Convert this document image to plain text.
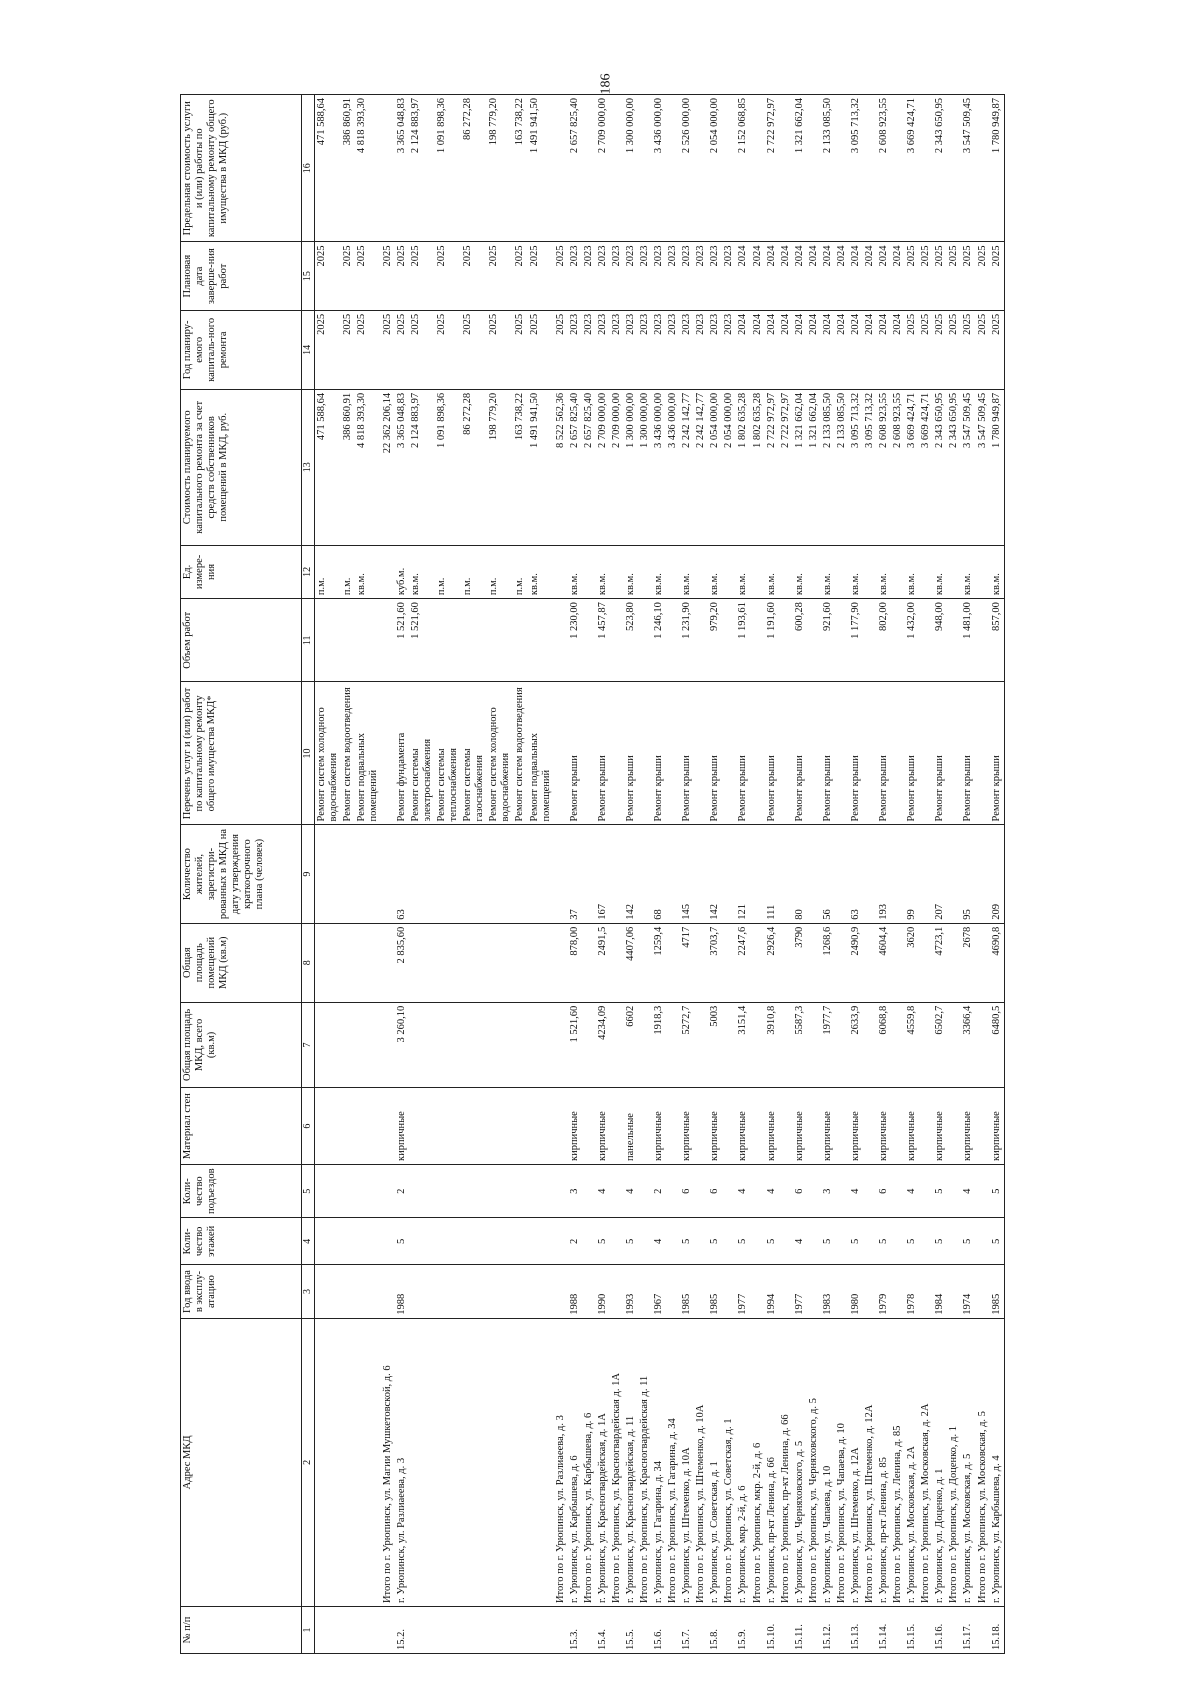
186
№ п/п	Адрес МКД	Год ввода в эксплу-атацию	Коли-чество этажей	Коли-чество подъездов	Материал стен	Общая площадь МКД, всего (кв.м)	Общая площадь помещений МКД (кв.м)	Количество жителей, зарегистри-рованных в МКД на дату утверждения краткосрочного плана (человек)	Перечень услуг и (или) работ по капитальному ремонту общего имущества МКД*	Объем работ	Ед. измере-ния	Стоимость планируемого капитального ремонта за счет средств собственников помещений в МКД, руб.	Год планиру-емого капиталь-ного ремонта	Плановая дата заверше-ния работ	Предельная стоимость услуги и (или) работы по капитальному ремонту общего имущества в МКД (руб.)
1	2	3	4	5	6	7	8	9	10	11	12	13	14	15	16
									Ремонт систем холодного водоснабжения		п.м.	471 588,64	2025	2025	471 588,64
									Ремонт систем водоотведения		п.м.	386 860,91	2025	2025	386 860,91
									Ремонт подвальных помещений		кв.м.	4 818 393,30	2025	2025	4 818 393,30
	Итого по г. Урюпинск, ул. Магии Мушкетовской, д. 6											22 362 206,14	2025	2025	
15.2.	г. Урюпинск, ул. Разлиаеева, д. 3	1988	5	2	кирпичные	3 260,10	2 835,60	63	Ремонт фундамента	1 521,60	куб.м.	3 365 048,83	2025	2025	3 365 048,83
									Ремонт системы электроснабжения	1 521,60	кв.м.	2 124 883,97	2025	2025	2 124 883,97
									Ремонт системы теплоснабжения		п.м.	1 091 898,36	2025	2025	1 091 898,36
									Ремонт системы газоснабжения		п.м.	86 272,28	2025	2025	86 272,28
									Ремонт систем холодного водоснабжения		п.м.	198 779,20	2025	2025	198 779,20
									Ремонт систем водоотведения		п.м.	163 738,22	2025	2025	163 738,22
									Ремонт подвальных помещений		кв.м.	1 491 941,50	2025	2025	1 491 941,50
	Итого по г. Урюпинск, ул. Разлиаеева, д. 3											8 522 562,36	2025	2025	
15.3.	г. Урюпинск, ул. Карбышева, д. 6	1988	2	3	кирпичные	1 521,60	878,00	37	Ремонт крыши	1 230,00	кв.м.	2 657 825,40	2023	2023	2 657 825,40
	Итого по г. Урюпинск, ул. Карбышева, д. 6											2 657 825,40	2023	2023	
15.4.	г. Урюпинск, ул. Красногвардейская, д. 1А	1990	5	4	кирпичные	4234,09	2491,5	167	Ремонт крыши	1 457,87	кв.м.	2 709 000,00	2023	2023	2 709 000,00
	Итого по г. Урюпинск, ул. Красногвардейская д. 1А											2 709 000,00	2023	2023	
15.5.	г. Урюпинск, ул. Красногвардейская, д. 11	1993	5	4	панельные	6602	4407,06	142	Ремонт крыши	523,80	кв.м.	1 300 000,00	2023	2023	1 300 000,00
	Итого по г. Урюпинск, ул. Красногвардейская д. 11											1 300 000,00	2023	2023	
15.6.	г. Урюпинск, ул. Гагарина, д. 34	1967	4	2	кирпичные	1918,3	1259,4	68	Ремонт крыши	1 246,10	кв.м.	3 436 000,00	2023	2023	3 436 000,00
	Итого по г. Урюпинск, ул. Гагарина, д. 34											3 436 000,00	2023	2023	
15.7.	г. Урюпинск, ул. Штеменко, д. 10А	1985	5	6	кирпичные	5272,7	4717	145	Ремонт крыши	1 231,90	кв.м.	2 242 142,77	2023	2023	2 526 000,00
	Итого по г. Урюпинск, ул. Штеменко, д. 10А											2 242 142,77	2023	2023	
15.8.	г. Урюпинск, ул. Советская, д. 1	1985	5	6	кирпичные	5003	3703,7	142	Ремонт крыши	979,20	кв.м.	2 054 000,00	2023	2023	2 054 000,00
	Итого по г. Урюпинск, ул. Советская, д. 1											2 054 000,00	2023	2023	
15.9.	г. Урюпинск, мкр. 2-й, д. 6	1977	5	4	кирпичные	3151,4	2247,6	121	Ремонт крыши	1 193,61	кв.м.	1 802 635,28	2024	2024	2 152 068,85
	Итого по г. Урюпинск, мкр. 2-й, д. 6											1 802 635,28	2024	2024	
15.10.	г. Урюпинск, пр-кт Ленина, д. 66	1994	5	4	кирпичные	3910,8	2926,4	111	Ремонт крыши	1 191,60	кв.м.	2 722 972,97	2024	2024	2 722 972,97
	Итого по г. Урюпинск, пр-кт Ленина, д. 66											2 722 972,97	2024	2024	
15.11.	г. Урюпинск, ул. Черняховского, д. 5	1977	4	6	кирпичные	5587,3	3790	80	Ремонт крыши	600,28	кв.м.	1 321 662,04	2024	2024	1 321 662,04
	Итого по г. Урюпинск, ул. Черняховского, д. 5											1 321 662,04	2024	2024	
15.12.	г. Урюпинск, ул. Чапаева, д. 10	1983	5	3	кирпичные	1977,7	1268,6	56	Ремонт крыши	921,60	кв.м.	2 133 085,50	2024	2024	2 133 085,50
	Итого по г. Урюпинск, ул. Чапаева, д. 10											2 133 085,50	2024	2024	
15.13.	г. Урюпинск, ул. Штеменко, д. 12А	1980	5	4	кирпичные	2633,9	2490,9	63	Ремонт крыши	1 177,90	кв.м.	3 095 713,32	2024	2024	3 095 713,32
	Итого по г. Урюпинск, ул. Штеменко, д. 12А											3 095 713,32	2024	2024	
15.14.	г. Урюпинск, пр-кт Ленина, д. 85	1979	5	6	кирпичные	6068,8	4604,4	193	Ремонт крыши	802,00	кв.м.	2 608 923,55	2024	2024	2 608 923,55
	Итого по г. Урюпинск, ул. Ленина, д. 85											2 608 923,55	2024	2024	
15.15.	г. Урюпинск, ул. Московская, д. 2А	1978	5	4	кирпичные	4559,8	3620	99	Ремонт крыши	1 432,00	кв.м.	3 669 424,71	2025	2025	3 669 424,71
	Итого по г. Урюпинск, ул. Московская, д. 2А											3 669 424,71	2025	2025	
15.16.	г. Урюпинск, ул. Доценко, д. 1	1984	5	5	кирпичные	6502,7	4723,1	207	Ремонт крыши	948,00	кв.м.	2 343 650,95	2025	2025	2 343 650,95
	Итого по г. Урюпинск, ул. Доценко, д. 1											2 343 650,95	2025	2025	
15.17.	г. Урюпинск, ул. Московская, д. 5	1974	5	4	кирпичные	3366,4	2678	95	Ремонт крыши	1 481,00	кв.м.	3 547 509,45	2025	2025	3 547 509,45
	Итого по г. Урюпинск, ул. Московская, д. 5											3 547 509,45	2025	2025	
15.18.	г. Урюпинск, ул. Карбышева, д. 4	1985	5	5	кирпичные	6480,5	4690,8	209	Ремонт крыши	857,00	кв.м.	1 780 949,87	2025	2025	1 780 949,87
